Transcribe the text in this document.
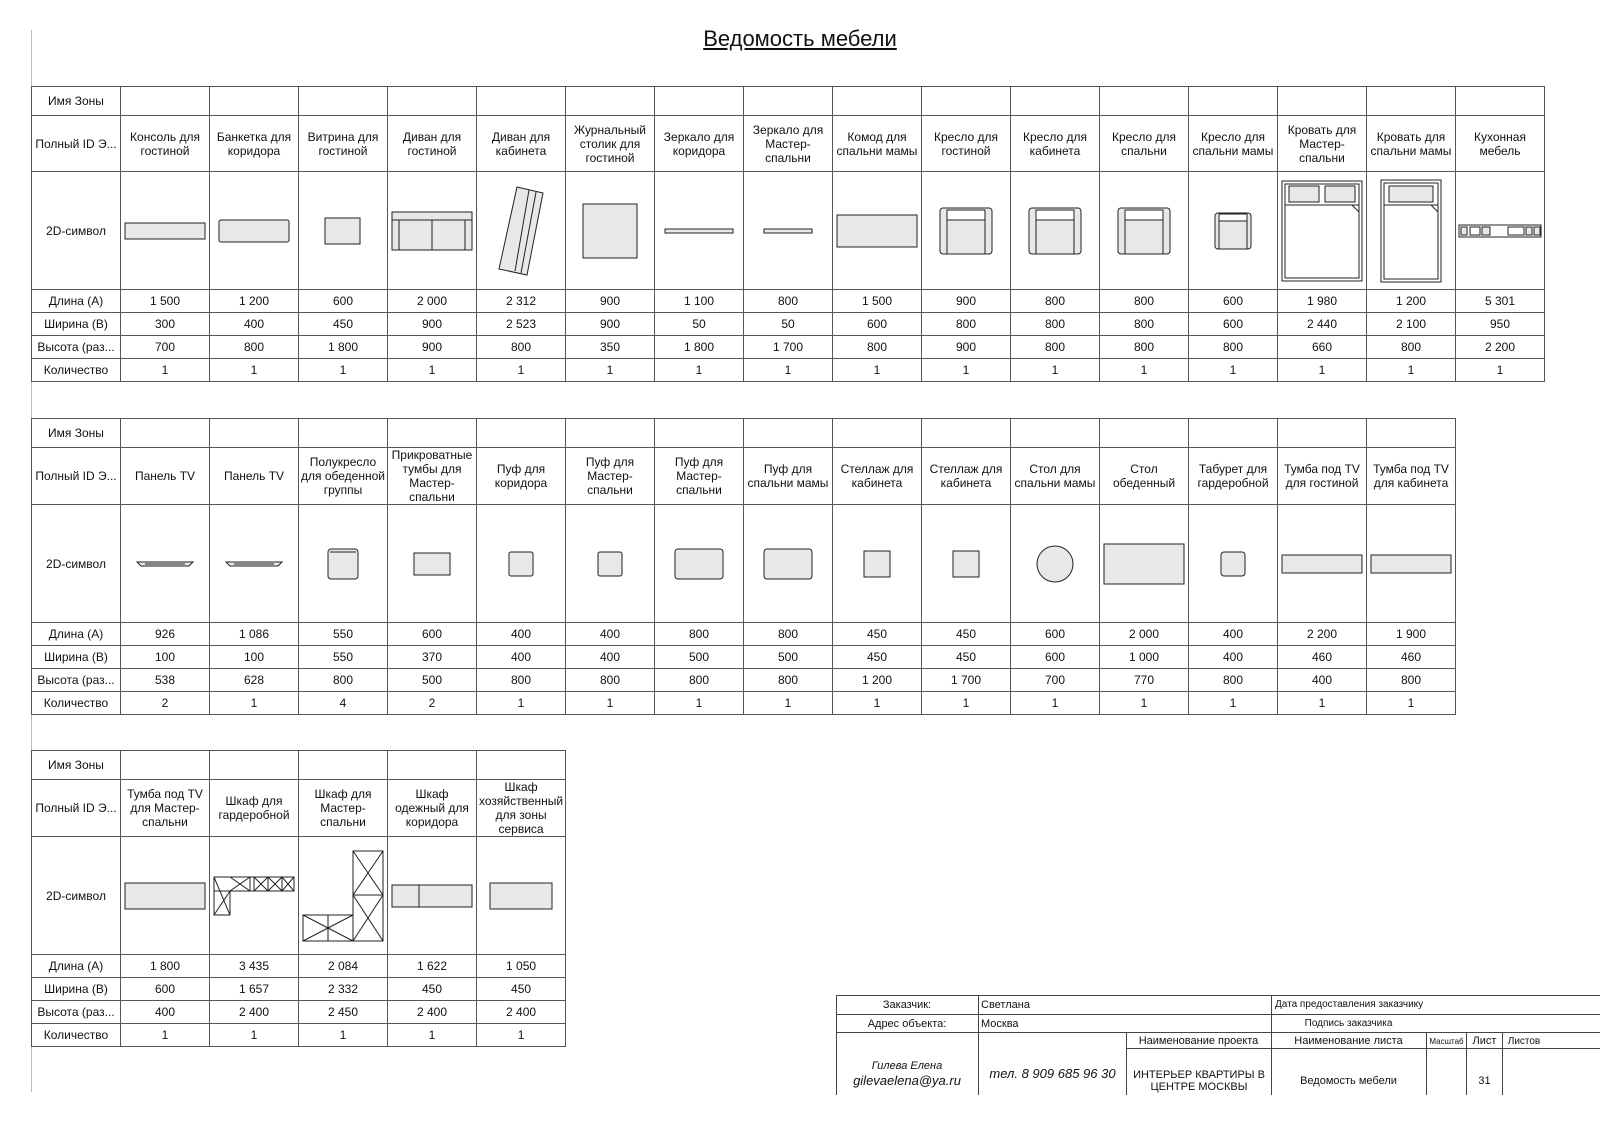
Ведомость мебели
Имя Зоны																
Полный ID Э...	Консоль для гостиной	Банкетка для коридора	Витрина для гостиной	Диван для гостиной	Диван для кабинета	Журнальный столик для гостиной	Зеркало для коридора	Зеркало для Мастер-спальни	Комод для спальни мамы	Кресло для гостиной	Кресло для кабинета	Кресло для спальни	Кресло для спальни мамы	Кровать для Мастер-спальни	Кровать для спальни мамы	Кухонная мебель
2D-символ	

Длина (A)	1 500	1 200	600	2 000	2 312	900	1 100	800	1 500	900	800	800	600	1 980	1 200	5 301
Ширина (B)	300	400	450	900	2 523	900	50	50	600	800	800	800	600	2 440	2 100	950
Высота (раз...	700	800	1 800	900	800	350	1 800	1 700	800	900	800	800	800	660	800	2 200
Количество	1	1	1	1	1	1	1	1	1	1	1	1	1	1	1	1
Имя Зоны															
Полный ID Э...	Панель TV	Панель TV	Полукресло для обеденной группы	Прикроватные тумбы для Мастер-спальни	Пуф для коридора	Пуф для Мастер-спальни	Пуф для Мастер-спальни	Пуф для спальни мамы	Стеллаж для кабинета	Стеллаж для кабинета	Стол для спальни мамы	Стол обеденный	Табурет для гардеробной	Тумба под TV для гостиной	Тумба под TV для кабинета
2D-символ	

Длина (A)	926	1 086	550	600	400	400	800	800	450	450	600	2 000	400	2 200	1 900
Ширина (B)	100	100	550	370	400	400	500	500	450	450	600	1 000	400	460	460
Высота (раз...	538	628	800	500	800	800	800	800	1 200	1 700	700	770	800	400	800
Количество	2	1	4	2	1	1	1	1	1	1	1	1	1	1	1
Имя Зоны					
Полный ID Э...	Тумба под TV для Мастер-спальни	Шкаф для гардеробной	Шкаф для Мастер-спальни	Шкаф одежный для коридора	Шкаф хозяйственный для зоны сервиса
2D-символ	

Длина (A)	1 800	3 435	2 084	1 622	1 050
Ширина (B)	600	1 657	2 332	450	450
Высота (раз...	400	2 400	2 450	2 400	2 400
Количество	1	1	1	1	1
Заказчик:	Светлана	Дата предоставления заказчику
Адрес объекта:	Москва	Подпись заказчика
Наименование проекта	Наименование листа	Масштаб Лист	Листов
Гилева Елена
gilevaelena@ya.ru	тел. 8 909 685 96 30	ИНТЕРЬЕР КВАРТИРЫ В ЦЕНТРЕ МОСКВЫ	Ведомость мебели	31
